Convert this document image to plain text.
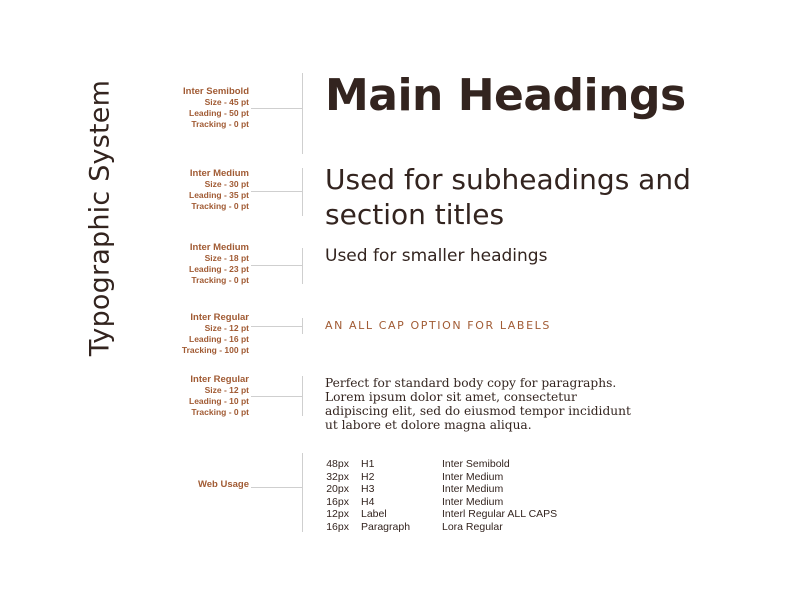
Typographic System	Inter Semibold
Size - 45 pt
Leading - 50 pt
Tracking - 0 pt
Main Headings
Inter Medium
Size - 30 pt
Leading - 35 pt
Tracking - 0 pt
Used for subheadings and section titles
Inter Medium
Size - 18 pt
Leading - 23 pt
Tracking - 0 pt
Used for smaller headings
Inter Regular
Size - 12 pt
Leading - 16 pt
Tracking - 100 pt
AN ALL CAP OPTION FOR LABELS
Inter Regular
Size - 12 pt
Leading - 10 pt
Tracking - 0 pt
Perfect for standard body copy for paragraphs. Lorem ipsum dolor sit amet, consectetur adipiscing elit, sed do eiusmod tempor incididunt ut labore et dolore magna aliqua.
Web Usage
48px H1	Inter Semibold
32px H2	Inter Medium
20px H3	Inter Medium
16px H4	Inter Medium
12px Label	Interl Regular ALL CAPS
16px Paragraph	Lora Regular
